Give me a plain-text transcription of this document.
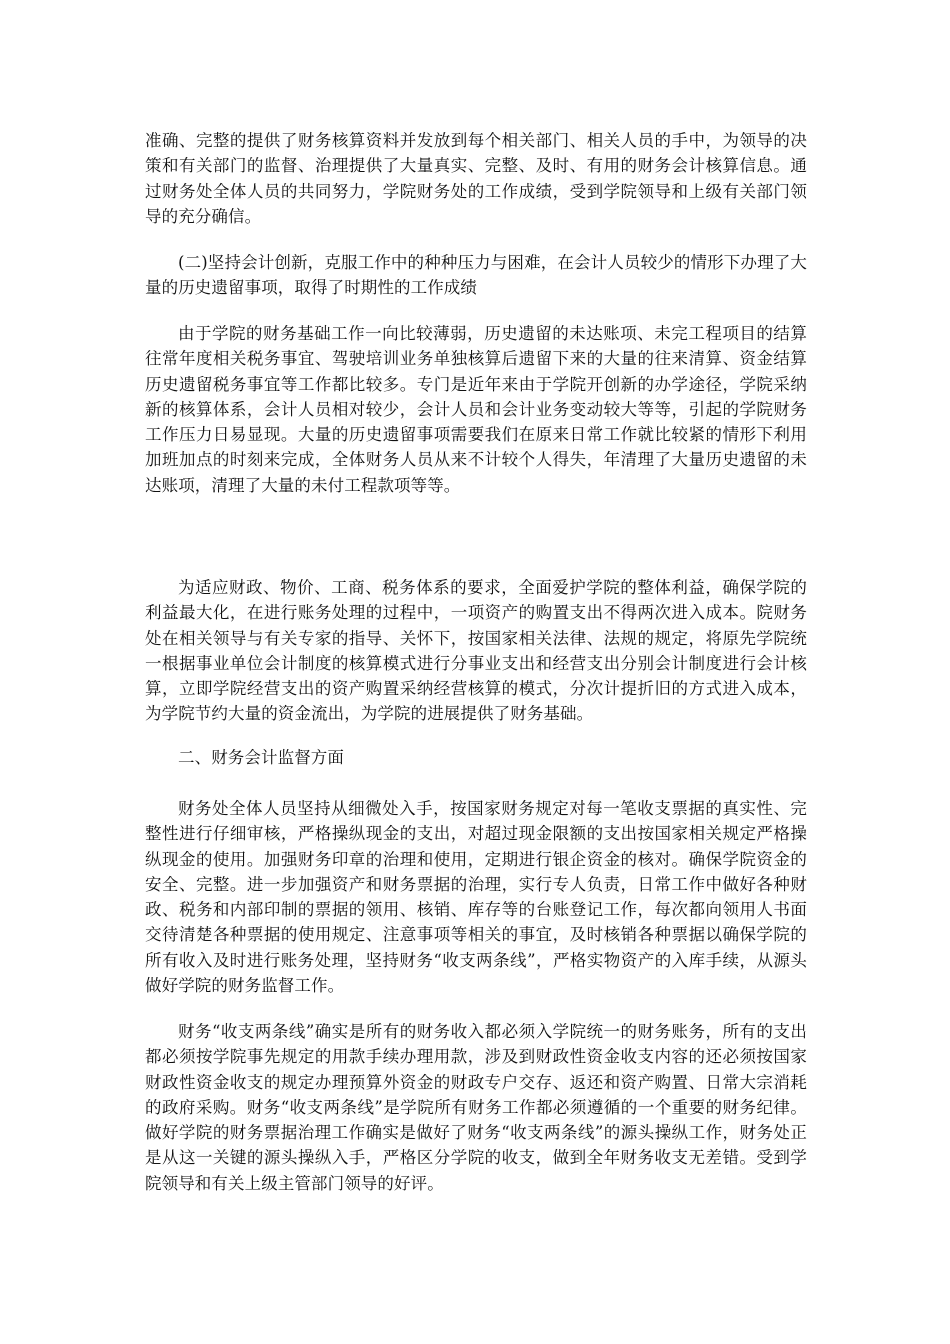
准确、完整的提供了财务核算资料并发放到每个相关部门、相关人员的手中，为领导的决策和有关部门的监督、治理提供了大量真实、完整、及时、有用的财务会计核算信息。通过财务处全体人员的共同努力，学院财务处的工作成绩，受到学院领导和上级有关部门领导的充分确信。

(二)坚持会计创新，克服工作中的种种压力与困难，在会计人员较少的情形下办理了大量的历史遗留事项，取得了时期性的工作成绩

由于学院的财务基础工作一向比较薄弱，历史遗留的未达账项、未完工程项目的结算往常年度相关税务事宜、驾驶培训业务单独核算后遗留下来的大量的往来清算、资金结算历史遗留税务事宜等工作都比较多。专门是近年来由于学院开创新的办学途径，学院采纳新的核算体系，会计人员相对较少，会计人员和会计业务变动较大等等，引起的学院财务工作压力日易显现。大量的历史遗留事项需要我们在原来日常工作就比较紧的情形下利用加班加点的时刻来完成，全体财务人员从来不计较个人得失，年清理了大量历史遗留的未达账项，清理了大量的未付工程款项等等。

为适应财政、物价、工商、税务体系的要求，全面爱护学院的整体利益，确保学院的利益最大化，在进行账务处理的过程中，一项资产的购置支出不得两次进入成本。院财务处在相关领导与有关专家的指导、关怀下，按国家相关法律、法规的规定，将原先学院统一根据事业单位会计制度的核算模式进行分事业支出和经营支出分别会计制度进行会计核算，立即学院经营支出的资产购置采纳经营核算的模式，分次计提折旧的方式进入成本，为学院节约大量的资金流出，为学院的进展提供了财务基础。

二、财务会计监督方面

财务处全体人员坚持从细微处入手，按国家财务规定对每一笔收支票据的真实性、完整性进行仔细审核，严格操纵现金的支出，对超过现金限额的支出按国家相关规定严格操纵现金的使用。加强财务印章的治理和使用，定期进行银企资金的核对。确保学院资金的安全、完整。进一步加强资产和财务票据的治理，实行专人负责，日常工作中做好各种财政、税务和内部印制的票据的领用、核销、库存等的台账登记工作，每次都向领用人书面交待清楚各种票据的使用规定、注意事项等相关的事宜，及时核销各种票据以确保学院的所有收入及时进行账务处理，坚持财务“收支两条线”，严格实物资产的入库手续，从源头做好学院的财务监督工作。

财务“收支两条线”确实是所有的财务收入都必须入学院统一的财务账务，所有的支出都必须按学院事先规定的用款手续办理用款，涉及到财政性资金收支内容的还必须按国家财政性资金收支的规定办理预算外资金的财政专户交存、返还和资产购置、日常大宗消耗的政府采购。财务“收支两条线”是学院所有财务工作都必须遵循的一个重要的财务纪律。做好学院的财务票据治理工作确实是做好了财务“收支两条线”的源头操纵工作，财务处正是从这一关键的源头操纵入手，严格区分学院的收支，做到全年财务收支无差错。受到学院领导和有关上级主管部门领导的好评。
